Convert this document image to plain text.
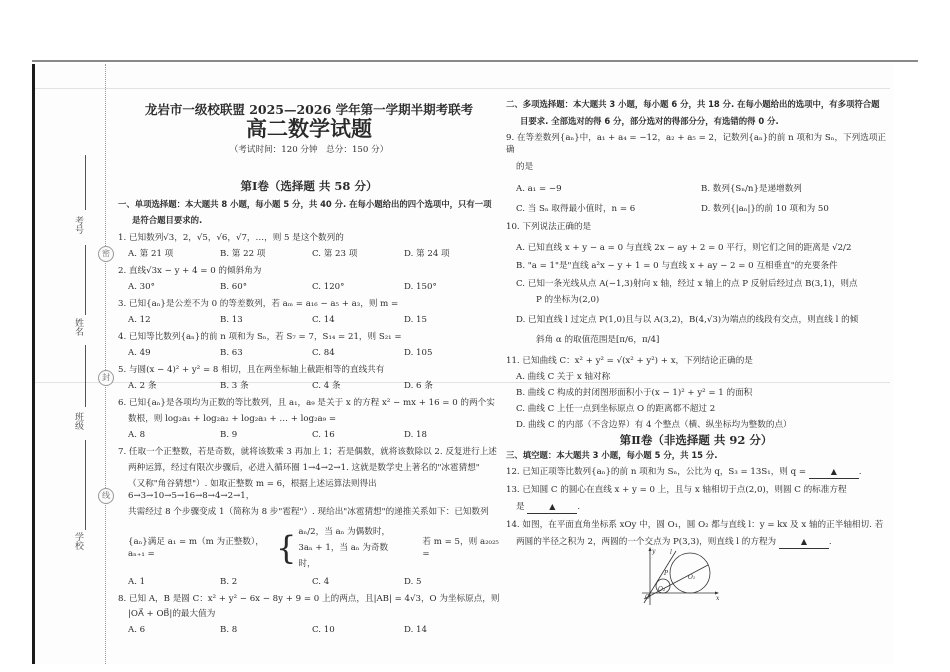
考号
姓名
班级
学校
密
封
线
龙岩市一级校联盟 2025—2026 学年第一学期半期考联考
高二数学试题
（考试时间：120 分钟　总分：150 分）
第Ⅰ卷（选择题 共 58 分）
一、单项选择题：本大题共 8 小题，每小题 5 分，共 40 分. 在每小题给出的四个选项中，只有一项
是符合题目要求的.
1. 已知数列√3，2，√5，√6，√7，…，则 5 是这个数列的
A. 第 21 项	B. 第 22 项	C. 第 23 项	D. 第 24 项
2. 直线√3x − y + 4 = 0 的倾斜角为
A. 30°	B. 60°	C. 120°	D. 150°
3. 已知{aₙ}是公差不为 0 的等差数列，若 aₘ = a₁₆ − a₅ + a₃，则 m =
A. 12	B. 13	C. 14	D. 15
4. 已知等比数列{aₙ}的前 n 项和为 Sₙ，若 S₇ = 7，S₁₄ = 21，则 S₂₁ =
A. 49	B. 63	C. 84	D. 105
5. 与圆(x − 4)² + y² = 8 相切，且在两坐标轴上截距相等的直线共有
A. 2 条	B. 3 条	C. 4 条	D. 6 条
6. 已知{aₙ}是各项均为正数的等比数列，且 a₁，a₉ 是关于 x 的方程 x² − mx + 16 = 0 的两个实
数根，则 log₂a₁ + log₂a₂ + log₂a₃ + … + log₂a₉ =
A. 8	B. 9	C. 16	D. 18
7. 任取一个正整数，若是奇数，就将该数乘 3 再加上 1；若是偶数，就将该数除以 2. 反复进行上述
两种运算，经过有限次步骤后，必进入循环圈 1→4→2→1. 这就是数学史上著名的"冰雹猜想"
（又称"角谷猜想"）. 如取正整数 m = 6，根据上述运算法则得出 6→3→10→5→16→8→4→2→1，
共需经过 8 个步骤变成 1（简称为 8 步"雹程"）. 现给出"冰雹猜想"的递推关系如下：已知数列
{aₙ}满足 a₁ = m（m 为正整数），aₙ₊₁ =	{ aₙ/2，当 aₙ 为偶数时，
3aₙ + 1，当 aₙ 为奇数时，
若 m = 5，则 a₂₀₂₅ =
A. 1	B. 2	C. 4	D. 5
8. 已知 A，B 是圆 C：x² + y² − 6x − 8y + 9 = 0 上的两点，且|AB| = 4√3，O 为坐标原点，则
|OA⃗ + OB⃗|的最大值为
A. 6	B. 8	C. 10	D. 14
二、多项选择题：本大题共 3 小题，每小题 6 分，共 18 分. 在每小题给出的选项中，有多项符合题
目要求. 全部选对的得 6 分，部分选对的得部分分，有选错的得 0 分.
9. 在等差数列{aₙ}中，a₁ + a₄ = −12，a₂ + a₅ = 2，记数列{aₙ}的前 n 项和为 Sₙ，下列选项正确
的是
A. a₁ = −9	B. 数列{Sₙ/n}是递增数列
C. 当 Sₙ 取得最小值时，n = 6	D. 数列{|aₙ|}的前 10 项和为 50
10. 下列说法正确的是
A. 已知直线 x + y − a = 0 与直线 2x − ay + 2 = 0 平行，则它们之间的距离是 √2/2
B. "a = 1"是"直线 a²x − y + 1 = 0 与直线 x + ay − 2 = 0 互相垂直"的充要条件
C. 已知一条光线从点 A(−1,3)射向 x 轴，经过 x 轴上的点 P 反射后经过点 B(3,1)，则点
P 的坐标为(2,0)
D. 已知直线 l 过定点 P(1,0)且与以 A(3,2)，B(4,√3)为端点的线段有交点，则直线 l 的倾
斜角 α 的取值范围是[π/6，π/4]
11. 已知曲线 C：x² + y² = √(x² + y²) + x，下列结论正确的是
A. 曲线 C 关于 x 轴对称
B. 曲线 C 构成的封闭图形面积小于(x − 1)² + y² = 1 的面积
C. 曲线 C 上任一点到坐标原点 O 的距离都不超过 2
D. 曲线 C 的内部（不含边界）有 4 个整点（横、纵坐标均为整数的点）
第Ⅱ卷（非选择题 共 92 分）
三、填空题：本大题共 3 小题，每小题 5 分，共 15 分.
12. 已知正项等比数列{aₙ}的前 n 项和为 Sₙ，公比为 q，S₃ = 13S₁，则 q =	▲	.
13. 已知圆 C 的圆心在直线 x + y = 0 上，且与 x 轴相切于点(2,0)，则圆 C 的标准方程
是	▲	.
14. 如图，在平面直角坐标系 xOy 中，圆 O₁，圆 O₂ 都与直线 l：y = kx 及 x 轴的正半轴相切. 若
两圆的半径之积为 2，两圆的一个交点为 P(3,3)，则直线 l 的方程为	▲	.
y
x
O
l
P
O₁
O₂
